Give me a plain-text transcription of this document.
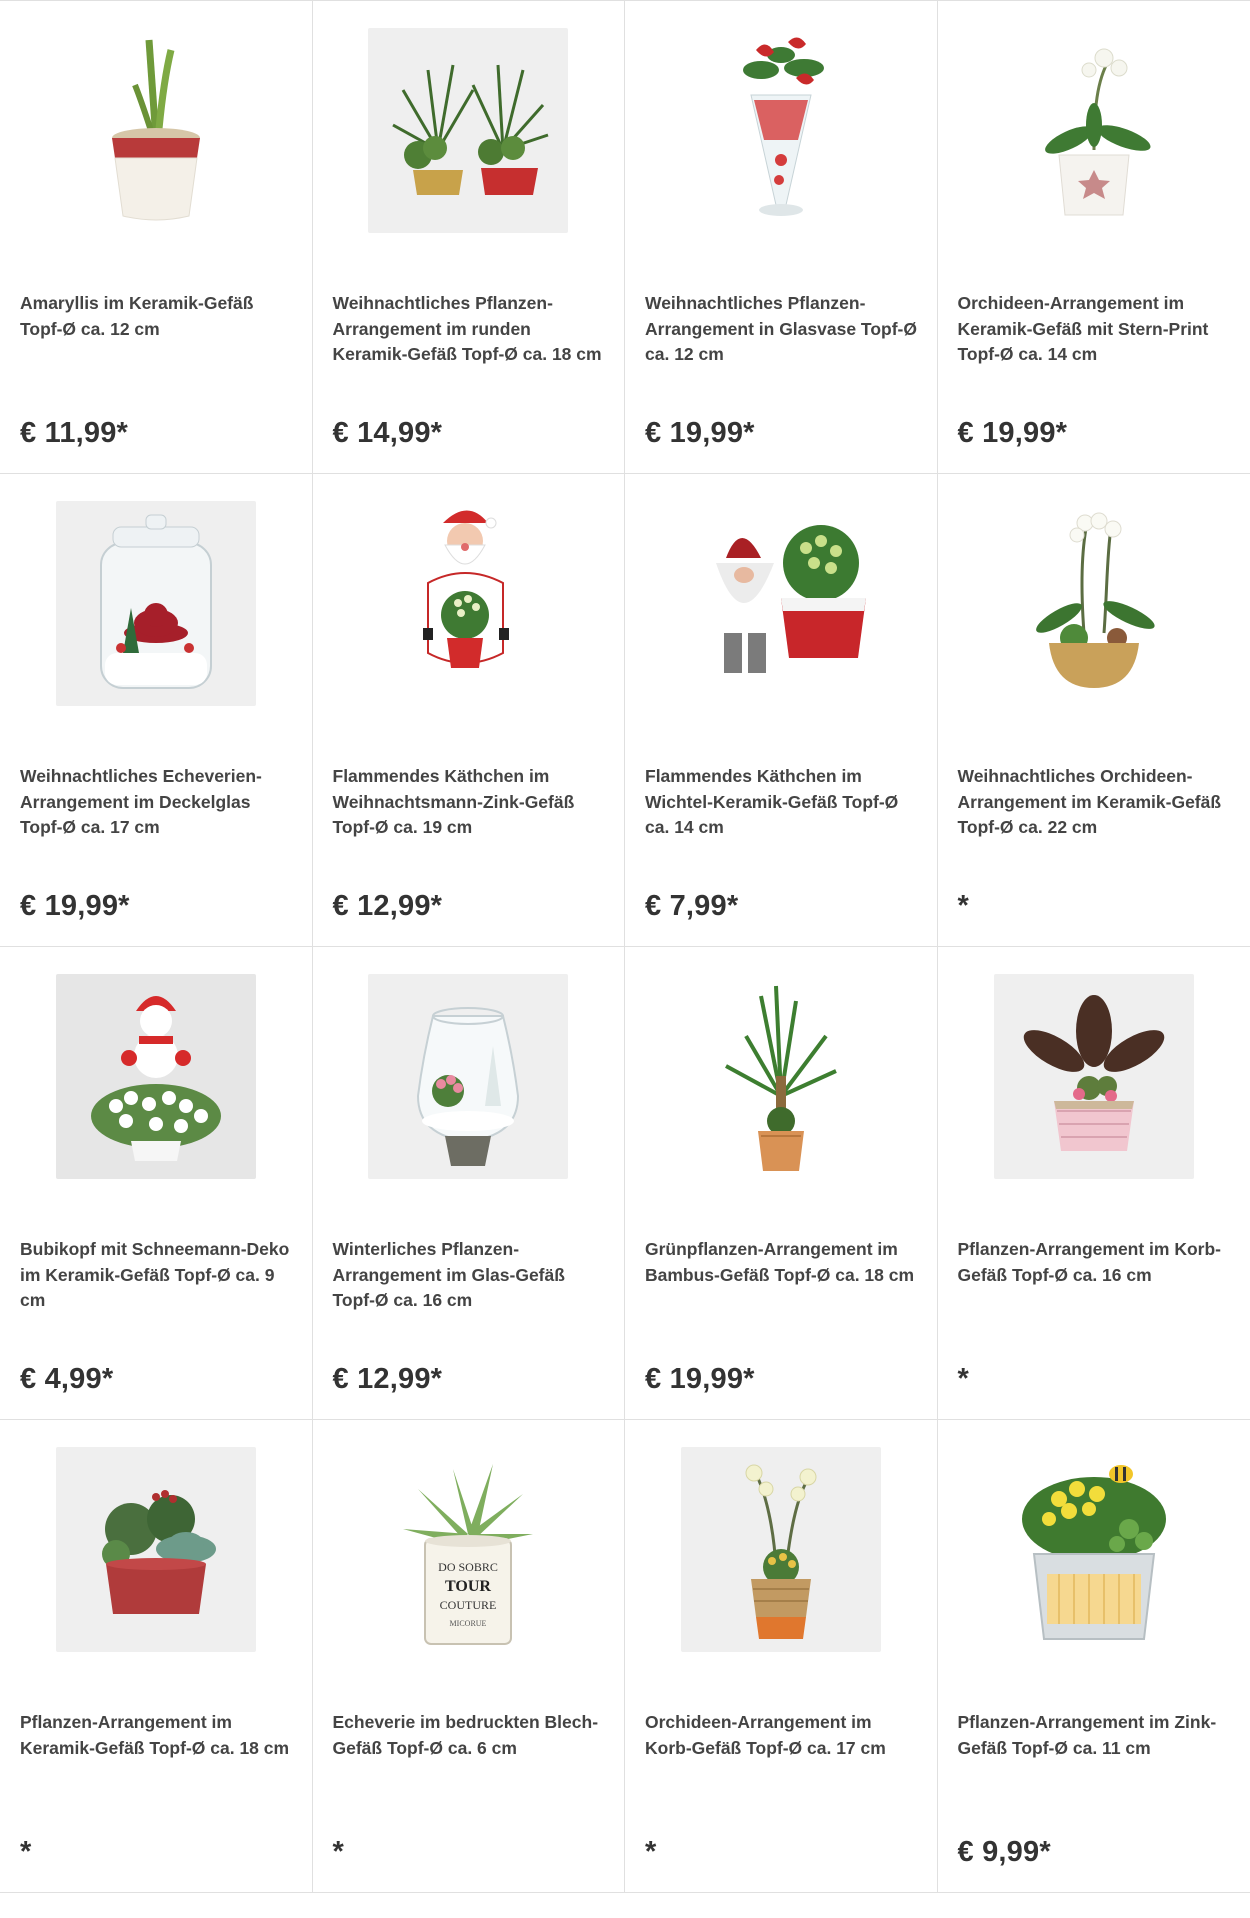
Amaryllis im Keramik-Gefäß Topf-Ø ca. 12 cm
€ 11,99*
Weihnachtliches Pflanzen-Arrangement im runden Keramik-Gefäß Topf-Ø ca. 18 cm
€ 14,99*
Weihnachtliches Pflanzen-Arrangement in Glasvase Topf-Ø ca. 12 cm
€ 19,99*
Orchideen-Arrangement im Keramik-Gefäß mit Stern-Print Topf-Ø ca. 14 cm
€ 19,99*
Weihnachtliches Echeverien-Arrangement im Deckelglas Topf-Ø ca. 17 cm
€ 19,99*
Flammendes Käthchen im Weihnachtsmann-Zink-Gefäß Topf-Ø ca. 19 cm
€ 12,99*
Flammendes Käthchen im Wichtel-Keramik-Gefäß Topf-Ø ca. 14 cm
€ 7,99*
Weihnachtliches Orchideen-Arrangement im Keramik-Gefäß Topf-Ø ca. 22 cm
*
Bubikopf mit Schneemann-Deko im Keramik-Gefäß Topf-Ø ca. 9 cm
€ 4,99*
Winterliches Pflanzen-Arrangement im Glas-Gefäß Topf-Ø ca. 16 cm
€ 12,99*
Grünpflanzen-Arrangement im Bambus-Gefäß Topf-Ø ca. 18 cm
€ 19,99*
Pflanzen-Arrangement im Korb-Gefäß Topf-Ø ca. 16 cm
*
Pflanzen-Arrangement im Keramik-Gefäß Topf-Ø ca. 18 cm
*
DO SOBRC
TOUR
COUTURE
MICORUE
Echeverie im bedruckten Blech-Gefäß Topf-Ø ca. 6 cm
*
Orchideen-Arrangement im Korb-Gefäß Topf-Ø ca. 17 cm
*
Pflanzen-Arrangement im Zink-Gefäß Topf-Ø ca. 11 cm
€ 9,99*
